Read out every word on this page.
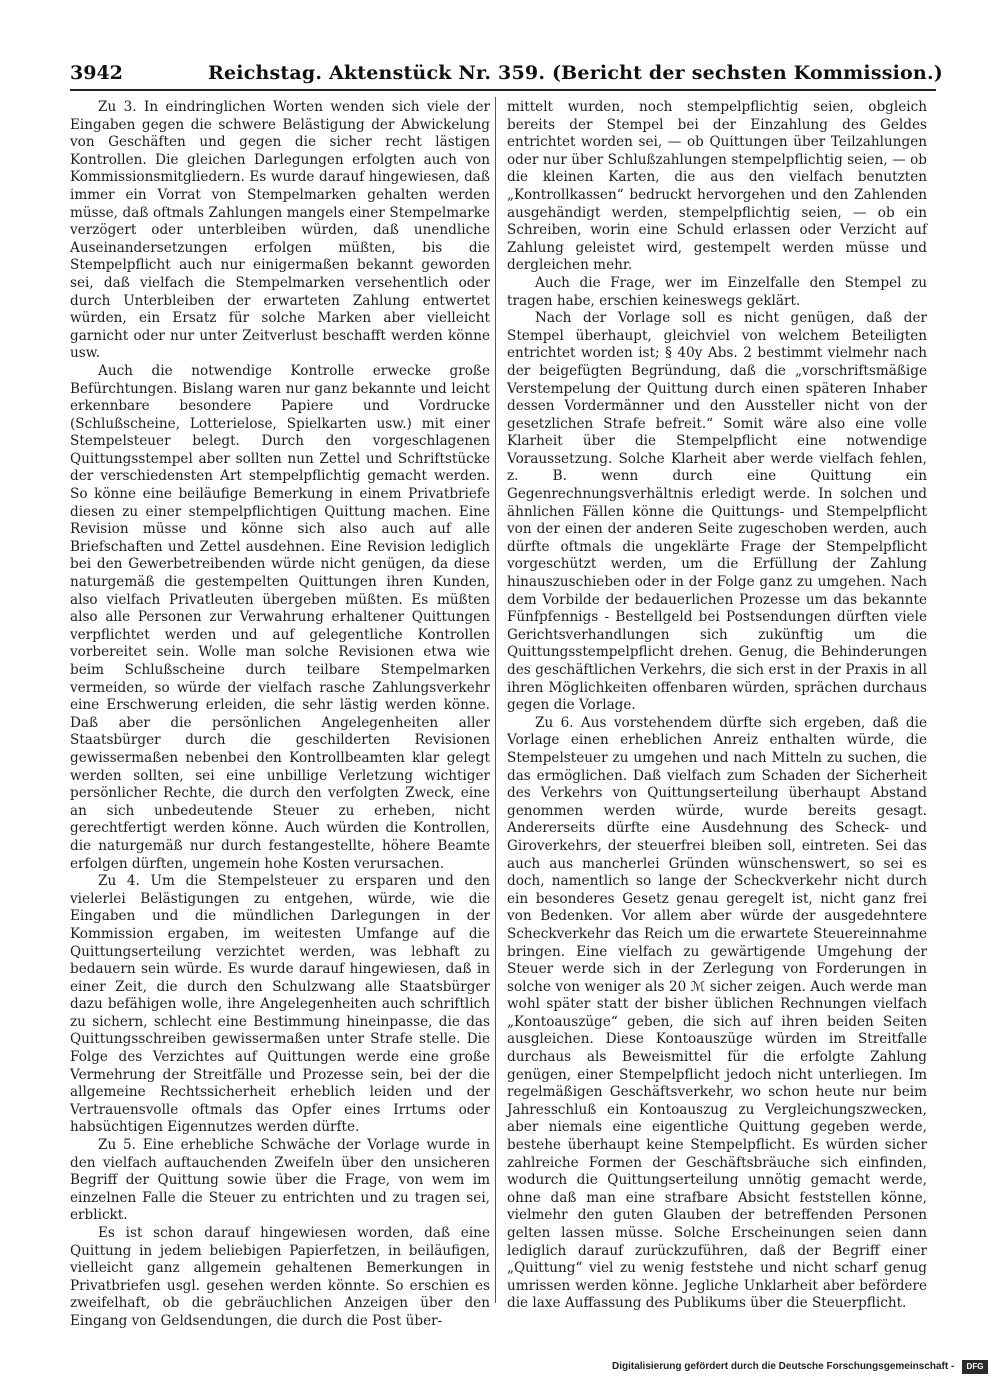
3942	Reichstag. Aktenstück Nr. 359. (Bericht der sechsten Kommission.)

Zu 3. In eindringlichen Worten wenden sich viele der Eingaben gegen die schwere Belästigung der Abwickelung von Geschäften und gegen die sicher recht lästigen Kontrollen. Die gleichen Darlegungen erfolgten auch von Kommissionsmitgliedern. Es wurde darauf hingewiesen, daß immer ein Vorrat von Stempelmarken gehalten werden müsse, daß oftmals Zahlungen mangels einer Stempelmarke verzögert oder unterbleiben würden, daß unendliche Auseinandersetzungen erfolgen müßten, bis die Stempelpflicht auch nur einigermaßen bekannt geworden sei, daß vielfach die Stempelmarken versehentlich oder durch Unterbleiben der erwarteten Zahlung entwertet würden, ein Ersatz für solche Marken aber vielleicht garnicht oder nur unter Zeitverlust beschafft werden könne usw.

Auch die notwendige Kontrolle erwecke große Befürchtungen. Bislang waren nur ganz bekannte und leicht erkennbare besondere Papiere und Vordrucke (Schlußscheine, Lotterielose, Spielkarten usw.) mit einer Stempelsteuer belegt. Durch den vorgeschlagenen Quittungsstempel aber sollten nun Zettel und Schriftstücke der verschiedensten Art stempelpflichtig gemacht werden. So könne eine beiläufige Bemerkung in einem Privatbriefe diesen zu einer stempelpflichtigen Quittung machen. Eine Revision müsse und könne sich also auch auf alle Briefschaften und Zettel ausdehnen. Eine Revision lediglich bei den Gewerbetreibenden würde nicht genügen, da diese naturgemäß die gestempelten Quittungen ihren Kunden, also vielfach Privatleuten übergeben müßten. Es müßten also alle Personen zur Verwahrung erhaltener Quittungen verpflichtet werden und auf gelegentliche Kontrollen vorbereitet sein. Wolle man solche Revisionen etwa wie beim Schlußscheine durch teilbare Stempelmarken vermeiden, so würde der vielfach rasche Zahlungsverkehr eine Erschwerung erleiden, die sehr lästig werden könne. Daß aber die persönlichen Angelegenheiten aller Staatsbürger durch die geschilderten Revisionen gewissermaßen nebenbei den Kontrollbeamten klar gelegt werden sollten, sei eine unbillige Verletzung wichtiger persönlicher Rechte, die durch den verfolgten Zweck, eine an sich unbedeutende Steuer zu erheben, nicht gerechtfertigt werden könne. Auch würden die Kontrollen, die naturgemäß nur durch festangestellte, höhere Beamte erfolgen dürften, ungemein hohe Kosten verursachen.

Zu 4. Um die Stempelsteuer zu ersparen und den vielerlei Belästigungen zu entgehen, würde, wie die Eingaben und die mündlichen Darlegungen in der Kommission ergaben, im weitesten Umfange auf die Quittungserteilung verzichtet werden, was lebhaft zu bedauern sein würde. Es wurde darauf hingewiesen, daß in einer Zeit, die durch den Schulzwang alle Staatsbürger dazu befähigen wolle, ihre Angelegenheiten auch schriftlich zu sichern, schlecht eine Bestimmung hineinpasse, die das Quittungsschreiben gewissermaßen unter Strafe stelle. Die Folge des Verzichtes auf Quittungen werde eine große Vermehrung der Streitfälle und Prozesse sein, bei der die allgemeine Rechtssicherheit erheblich leiden und der Vertrauensvolle oftmals das Opfer eines Irrtums oder habsüchtigen Eigennutzes werden dürfte.

Zu 5. Eine erhebliche Schwäche der Vorlage wurde in den vielfach auftauchenden Zweifeln über den unsicheren Begriff der Quittung sowie über die Frage, von wem im einzelnen Falle die Steuer zu entrichten und zu tragen sei, erblickt.

Es ist schon darauf hingewiesen worden, daß eine Quittung in jedem beliebigen Papierfetzen, in beiläufigen, vielleicht ganz allgemein gehaltenen Bemerkungen in Privatbriefen usgl. gesehen werden könnte. So erschien es zweifelhaft, ob die gebräuchlichen Anzeigen über den Eingang von Geldsendungen, die durch die Post über-

mittelt wurden, noch stempelpflichtig seien, obgleich bereits der Stempel bei der Einzahlung des Geldes entrichtet worden sei, — ob Quittungen über Teilzahlungen oder nur über Schlußzahlungen stempelpflichtig seien, — ob die kleinen Karten, die aus den vielfach benutzten „Kontrollkassen“ bedruckt hervorgehen und den Zahlenden ausgehändigt werden, stempelpflichtig seien, — ob ein Schreiben, worin eine Schuld erlassen oder Verzicht auf Zahlung geleistet wird, gestempelt werden müsse und dergleichen mehr.

Auch die Frage, wer im Einzelfalle den Stempel zu tragen habe, erschien keineswegs geklärt.

Nach der Vorlage soll es nicht genügen, daß der Stempel überhaupt, gleichviel von welchem Beteiligten entrichtet worden ist; § 40y Abs. 2 bestimmt vielmehr nach der beigefügten Begründung, daß die „vorschriftsmäßige Verstempelung der Quittung durch einen späteren Inhaber dessen Vordermänner und den Aussteller nicht von der gesetzlichen Strafe befreit.“ Somit wäre also eine volle Klarheit über die Stempelpflicht eine notwendige Voraussetzung. Solche Klarheit aber werde vielfach fehlen, z. B. wenn durch eine Quittung ein Gegenrechnungsverhältnis erledigt werde. In solchen und ähnlichen Fällen könne die Quittungs- und Stempelpflicht von der einen der anderen Seite zugeschoben werden, auch dürfte oftmals die ungeklärte Frage der Stempelpflicht vorgeschützt werden, um die Erfüllung der Zahlung hinauszuschieben oder in der Folge ganz zu umgehen. Nach dem Vorbilde der bedauerlichen Prozesse um das bekannte Fünfpfennigs - Bestellgeld bei Postsendungen dürften viele Gerichtsverhandlungen sich zukünftig um die Quittungsstempelpflicht drehen. Genug, die Behinderungen des geschäftlichen Verkehrs, die sich erst in der Praxis in all ihren Möglichkeiten offenbaren würden, sprächen durchaus gegen die Vorlage.

Zu 6. Aus vorstehendem dürfte sich ergeben, daß die Vorlage einen erheblichen Anreiz enthalten würde, die Stempelsteuer zu umgehen und nach Mitteln zu suchen, die das ermöglichen. Daß vielfach zum Schaden der Sicherheit des Verkehrs von Quittungserteilung überhaupt Abstand genommen werden würde, wurde bereits gesagt. Andererseits dürfte eine Ausdehnung des Scheck- und Giroverkehrs, der steuerfrei bleiben soll, eintreten. Sei das auch aus mancherlei Gründen wünschenswert, so sei es doch, namentlich so lange der Scheckverkehr nicht durch ein besonderes Gesetz genau geregelt ist, nicht ganz frei von Bedenken. Vor allem aber würde der ausgedehntere Scheckverkehr das Reich um die erwartete Steuereinnahme bringen. Eine vielfach zu gewärtigende Umgehung der Steuer werde sich in der Zerlegung von Forderungen in solche von weniger als 20 ℳ sicher zeigen. Auch werde man wohl später statt der bisher üblichen Rechnungen vielfach „Kontoauszüge“ geben, die sich auf ihren beiden Seiten ausgleichen. Diese Kontoauszüge würden im Streitfalle durchaus als Beweismittel für die erfolgte Zahlung genügen, einer Stempelpflicht jedoch nicht unterliegen. Im regelmäßigen Geschäftsverkehr, wo schon heute nur beim Jahresschluß ein Kontoauszug zu Vergleichungszwecken, aber niemals eine eigentliche Quittung gegeben werde, bestehe überhaupt keine Stempelpflicht. Es würden sicher zahlreiche Formen der Geschäftsbräuche sich einfinden, wodurch die Quittungserteilung unnötig gemacht werde, ohne daß man eine strafbare Absicht feststellen könne, vielmehr den guten Glauben der betreffenden Personen gelten lassen müsse. Solche Erscheinungen seien dann lediglich darauf zurückzuführen, daß der Begriff einer „Quittung“ viel zu wenig feststehe und nicht scharf genug umrissen werden könne. Jegliche Unklarheit aber befördere die laxe Auffassung des Publikums über die Steuerpflicht.

Digitalisierung gefördert durch die Deutsche Forschungsgemeinschaft -	DFG
